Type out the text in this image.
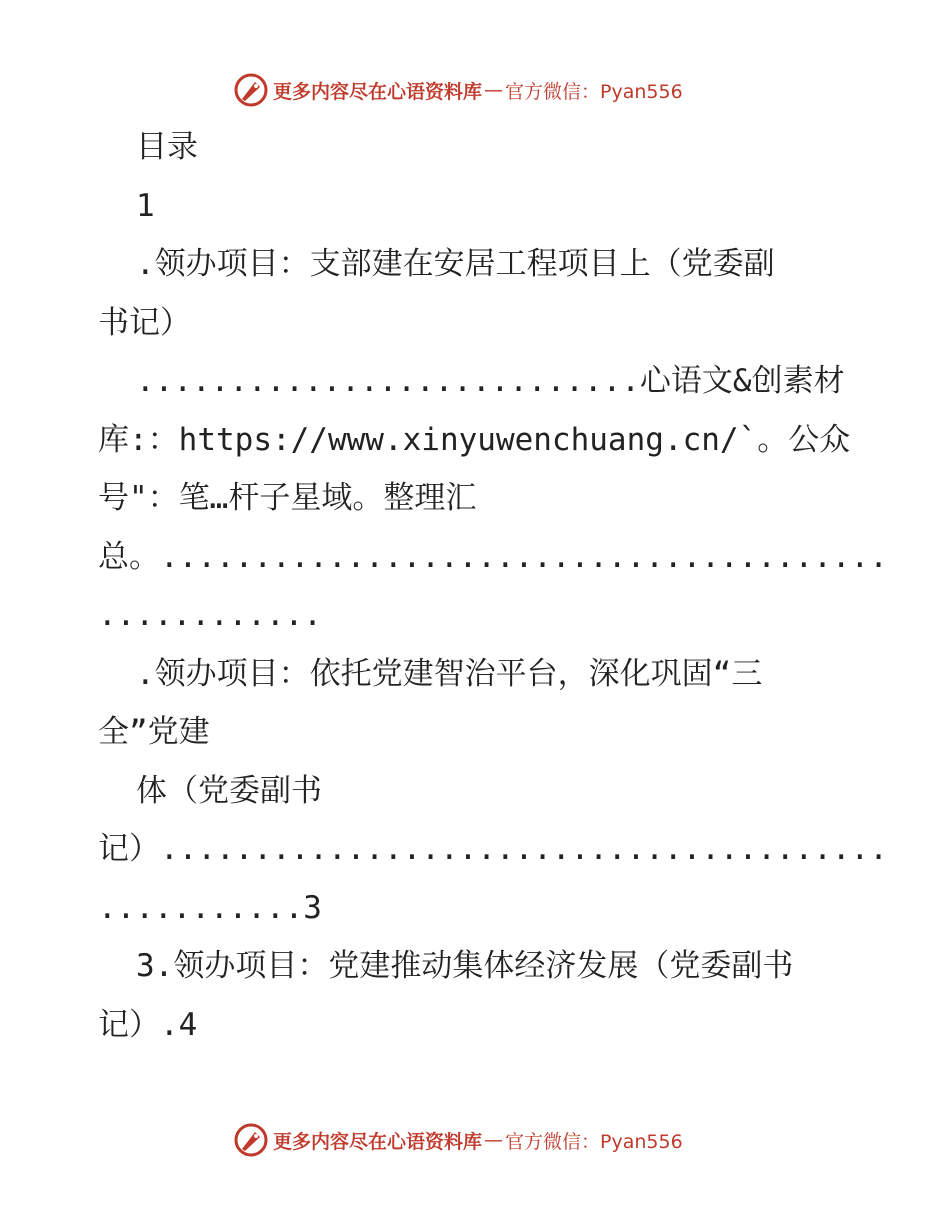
更多内容尽在心语资料库 — 官方微信：Pyan556
目录
1
.领办项目：支部建在安居工程项目上（党委副
书记）
...........................心语文&创素材
库:：https://www.xinyuwenchuang.cn/`。公众
号"：笔…杆子星域。整理汇
总。.......................................
............
.领办项目：依托党建智治平台，深化巩固“三
全”党建
体（党委副书
记）.......................................
...........3
3.领办项目：党建推动集体经济发展（党委副书
记）.4
更多内容尽在心语资料库 — 官方微信：Pyan556
